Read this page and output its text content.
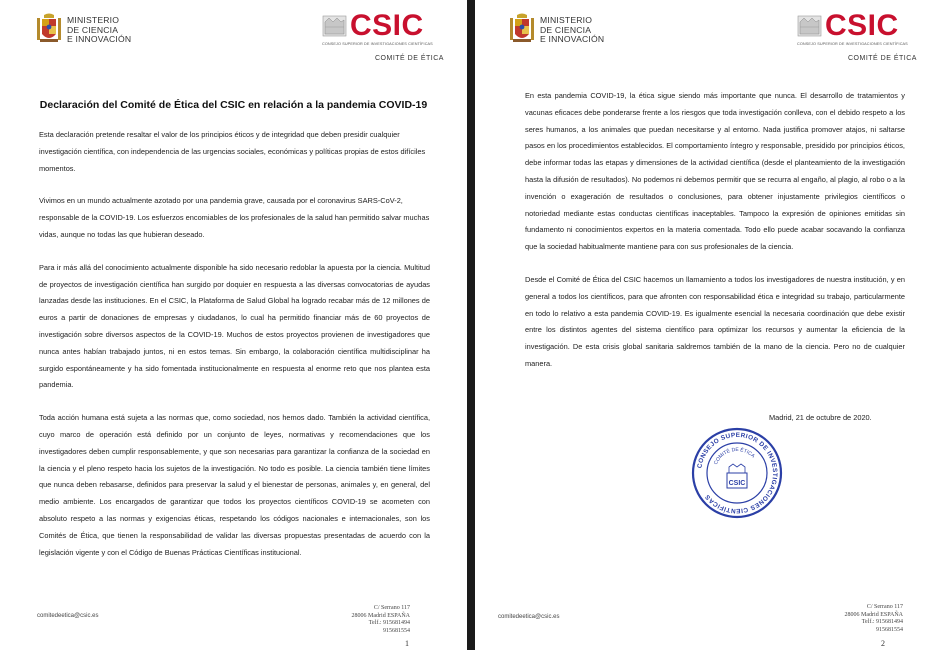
MINISTERIO
DE CIENCIA
E INNOVACIÓN	CSIC
CONSEJO SUPERIOR DE INVESTIGACIONES CIENTÍFICAS
COMITÉ DE ÉTICA
Declaración del Comité de Ética del CSIC en relación a la pandemia COVID-19

Esta declaración pretende resaltar el valor de los principios éticos y de integridad que deben presidir cualquier investigación científica, con independencia de las urgencias sociales, económicas y políticas propias de estos difíciles momentos.

Vivimos en un mundo actualmente azotado por una pandemia grave, causada por el coronavirus SARS-CoV-2, responsable de la COVID-19. Los esfuerzos encomiables de los profesionales de la salud han permitido salvar muchas vidas, aunque no todas las que hubieran deseado.

Para ir más allá del conocimiento actualmente disponible ha sido necesario redoblar la apuesta por la ciencia. Multitud de proyectos de investigación científica han surgido por doquier en respuesta a las diversas convocatorias de ayudas lanzadas desde las instituciones. En el CSIC, la Plataforma de Salud Global ha logrado recabar más de 12 millones de euros a partir de donaciones de empresas y ciudadanos, lo cual ha permitido financiar más de 60 proyectos de investigación sobre diversos aspectos de la COVID-19. Muchos de estos proyectos provienen de investigadores que nunca antes habían trabajado juntos, ni en estos temas. Sin embargo, la colaboración científica multidisciplinar ha surgido espontáneamente y ha sido fomentada institucionalmente en respuesta al enorme reto que nos plantea esta pandemia.

Toda acción humana está sujeta a las normas que, como sociedad, nos hemos dado. También la actividad científica, cuyo marco de operación está definido por un conjunto de leyes, normativas y recomendaciones que los investigadores deben cumplir responsablemente, y que son necesarias para garantizar la confianza de la sociedad en la ciencia y el pleno respeto hacia los sujetos de la investigación. No todo es posible. La ciencia también tiene límites que nunca deben rebasarse, definidos para preservar la salud y el bienestar de personas, animales y, en general, del medio ambiente. Los encargados de garantizar que todos los proyectos científicos COVID-19 se acometen con absoluto respeto a las normas y exigencias éticas, respetando los códigos nacionales e internacionales, son los Comités de Ética, que tienen la responsabilidad de validar las diversas propuestas presentadas de acuerdo con la legislación vigente y con el Código de Buenas Prácticas Científicas institucional.

comitedeetica@csic.es
C/ Serrano 117
28006 Madrid ESPAÑA
Telf.: 915681494
915681554
1
MINISTERIO
DE CIENCIA
E INNOVACIÓN	CSIC
CONSEJO SUPERIOR DE INVESTIGACIONES CIENTÍFICAS
COMITÉ DE ÉTICA

En esta pandemia COVID-19, la ética sigue siendo más importante que nunca. El desarrollo de tratamientos y vacunas eficaces debe ponderarse frente a los riesgos que toda investigación conlleva, con el debido respeto a los seres humanos, a los animales que puedan necesitarse y al entorno. Nada justifica promover atajos, ni saltarse pasos en los procedimientos establecidos. El comportamiento íntegro y responsable, presidido por principios éticos, debe informar todas las etapas y dimensiones de la actividad científica (desde el planteamiento de la investigación hasta la difusión de resultados). No podemos ni debemos permitir que se recurra al engaño, al plagio, al robo o a la invención o exageración de resultados o conclusiones, para obtener injustamente privilegios científicos o notoriedad mediante estas conductas científicas inaceptables. Tampoco la expresión de opiniones emitidas sin fundamento ni conocimientos expertos en la materia comentada. Todo ello puede acabar socavando la confianza que la sociedad habitualmente mantiene para con sus profesionales de la ciencia.

Desde el Comité de Ética del CSIC hacemos un llamamiento a todos los investigadores de nuestra institución, y en general a todos los científicos, para que afronten con responsabilidad ética e integridad su trabajo, particularmente en todo lo relativo a esta pandemia COVID-19. Es igualmente esencial la necesaria coordinación que debe existir entre los distintos agentes del sistema científico para optimizar los recursos y aumentar la eficiencia de la investigación. De esta crisis global sanitaria saldremos también de la mano de la ciencia. Pero no de cualquier manera.

Madrid, 21 de octubre de 2020.
CONSEJO SUPERIOR DE INVESTIGACIONES CIENTÍFICAS
COMITÉ DE ÉTICA
CSIC
comitedeetica@csic.es
C/ Serrano 117
28006 Madrid ESPAÑA
Telf.: 915681494
915681554
2
